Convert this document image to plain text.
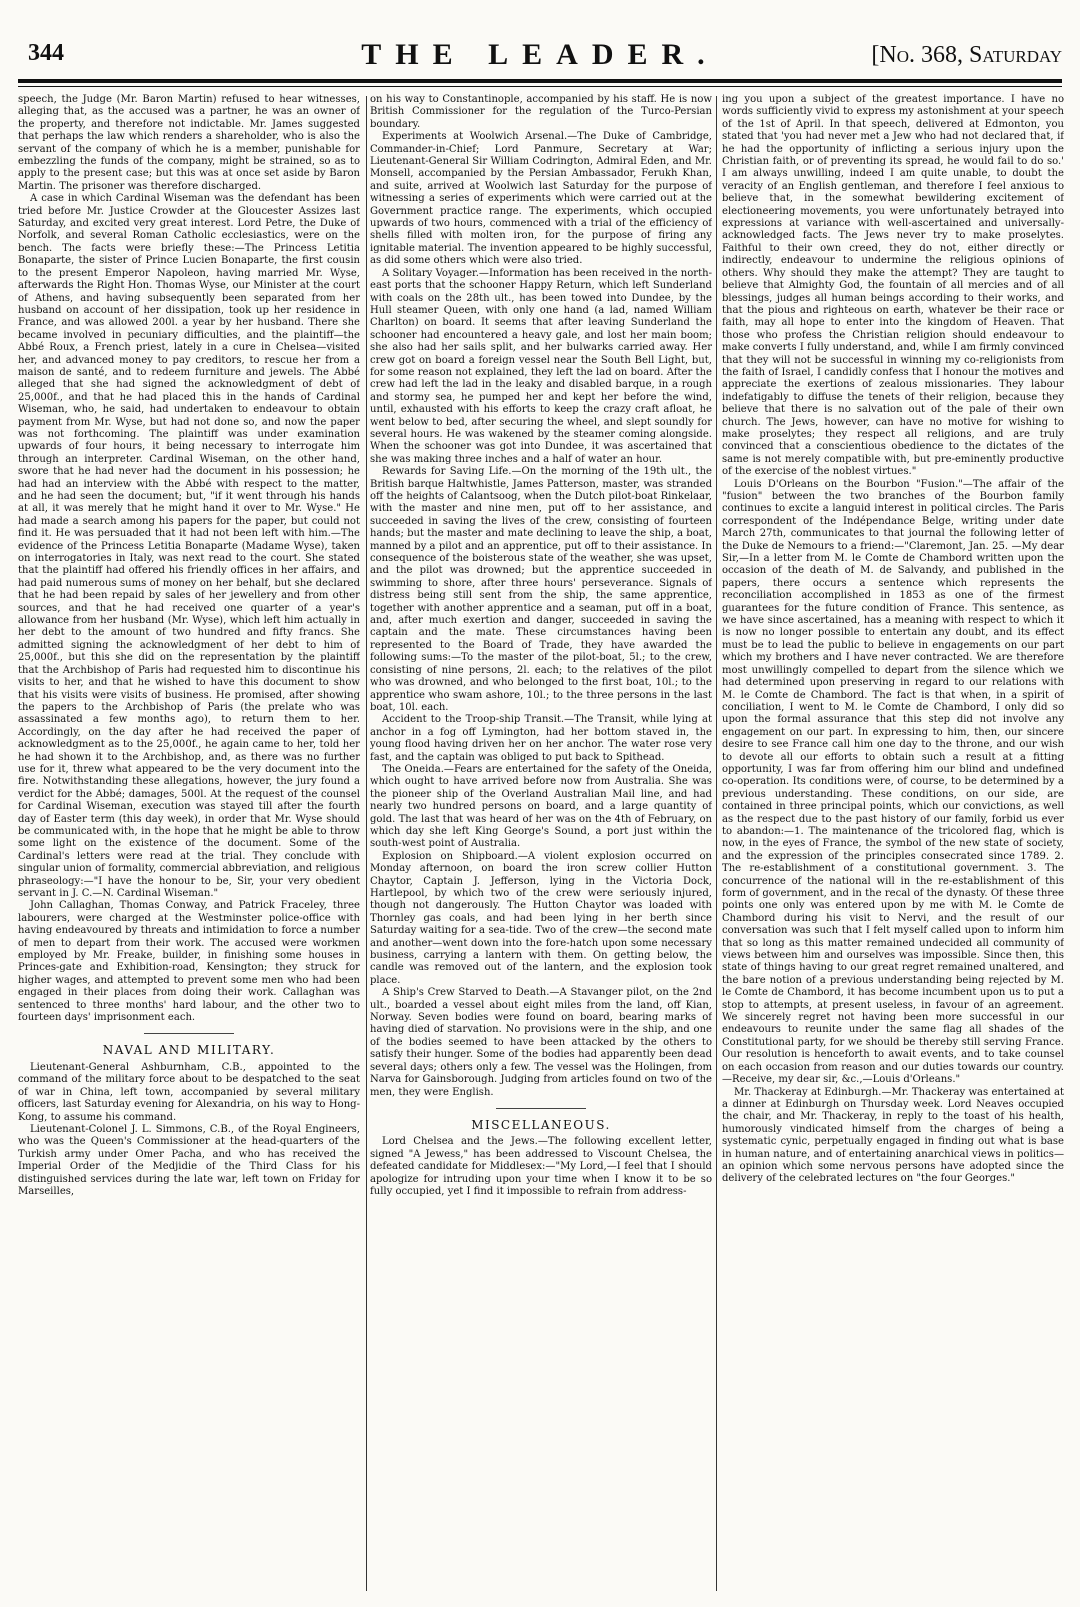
344	THE LEADER.	[No. 368, Saturday

speech, the Judge (Mr. Baron Martin) refused to hear witnesses, alleging that, as the accused was a partner, he was an owner of the property, and therefore not indictable. Mr. James suggested that perhaps the law which renders a shareholder, who is also the servant of the company of which he is a member, punishable for embezzling the funds of the company, might be strained, so as to apply to the present case; but this was at once set aside by Baron Martin. The prisoner was therefore discharged.

A case in which Cardinal Wiseman was the defendant has been tried before Mr. Justice Crowder at the Gloucester Assizes last Saturday, and excited very great interest. Lord Petre, the Duke of Norfolk, and several Roman Catholic ecclesiastics, were on the bench. The facts were briefly these:—The Princess Letitia Bonaparte, the sister of Prince Lucien Bonaparte, the first cousin to the present Emperor Napoleon, having married Mr. Wyse, afterwards the Right Hon. Thomas Wyse, our Minister at the court of Athens, and having subsequently been separated from her husband on account of her dissipation, took up her residence in France, and was allowed 200l. a year by her husband. There she became involved in pecuniary difficulties, and the plaintiff—the Abbé Roux, a French priest, lately in a cure in Chelsea—visited her, and advanced money to pay creditors, to rescue her from a maison de santé, and to redeem furniture and jewels. The Abbé alleged that she had signed the acknowledgment of debt of 25,000f., and that he had placed this in the hands of Cardinal Wiseman, who, he said, had undertaken to endeavour to obtain payment from Mr. Wyse, but had not done so, and now the paper was not forthcoming. The plaintiff was under examination upwards of four hours, it being necessary to interrogate him through an interpreter. Cardinal Wiseman, on the other hand, swore that he had never had the document in his possession; he had had an interview with the Abbé with respect to the matter, and he had seen the document; but, "if it went through his hands at all, it was merely that he might hand it over to Mr. Wyse." He had made a search among his papers for the paper, but could not find it. He was persuaded that it had not been left with him.—The evidence of the Princess Letitia Bonaparte (Madame Wyse), taken on interrogatories in Italy, was next read to the court. She stated that the plaintiff had offered his friendly offices in her affairs, and had paid numerous sums of money on her behalf, but she declared that he had been repaid by sales of her jewellery and from other sources, and that he had received one quarter of a year's allowance from her husband (Mr. Wyse), which left him actually in her debt to the amount of two hundred and fifty francs. She admitted signing the acknowledgment of her debt to him of 25,000f., but this she did on the representation by the plaintiff that the Archbishop of Paris had requested him to discontinue his visits to her, and that he wished to have this document to show that his visits were visits of business. He promised, after showing the papers to the Archbishop of Paris (the prelate who was assassinated a few months ago), to return them to her. Accordingly, on the day after he had received the paper of acknowledgment as to the 25,000f., he again came to her, told her he had shown it to the Archbishop, and, as there was no further use for it, threw what appeared to be the very document into the fire. Notwithstanding these allegations, however, the jury found a verdict for the Abbé; damages, 500l. At the request of the counsel for Cardinal Wiseman, execution was stayed till after the fourth day of Easter term (this day week), in order that Mr. Wyse should be communicated with, in the hope that he might be able to throw some light on the existence of the document. Some of the Cardinal's letters were read at the trial. They conclude with singular union of formality, commercial abbreviation, and religious phraseology:—"I have the honour to be, Sir, your very obedient servant in J. C.—N. Cardinal Wiseman."

John Callaghan, Thomas Conway, and Patrick Fraceley, three labourers, were charged at the Westminster police-office with having endeavoured by threats and intimidation to force a number of men to depart from their work. The accused were workmen employed by Mr. Freake, builder, in finishing some houses in Princes-gate and Exhibition-road, Kensington; they struck for higher wages, and attempted to prevent some men who had been engaged in their places from doing their work. Callaghan was sentenced to three months' hard labour, and the other two to fourteen days' imprisonment each.

NAVAL AND MILITARY.

Lieutenant-General Ashburnham, C.B., appointed to the command of the military force about to be despatched to the seat of war in China, left town, accompanied by several military officers, last Saturday evening for Alexandria, on his way to Hong-Kong, to assume his command.

Lieutenant-Colonel J. L. Simmons, C.B., of the Royal Engineers, who was the Queen's Commissioner at the head-quarters of the Turkish army under Omer Pacha, and who has received the Imperial Order of the Medjidie of the Third Class for his distinguished services during the late war, left town on Friday for Marseilles,

on his way to Constantinople, accompanied by his staff. He is now British Commissioner for the regulation of the Turco-Persian boundary.

Experiments at Woolwich Arsenal.—The Duke of Cambridge, Commander-in-Chief; Lord Panmure, Secretary at War; Lieutenant-General Sir William Codrington, Admiral Eden, and Mr. Monsell, accompanied by the Persian Ambassador, Ferukh Khan, and suite, arrived at Woolwich last Saturday for the purpose of witnessing a series of experiments which were carried out at the Government practice range. The experiments, which occupied upwards of two hours, commenced with a trial of the efficiency of shells filled with molten iron, for the purpose of firing any ignitable material. The invention appeared to be highly successful, as did some others which were also tried.

A Solitary Voyager.—Information has been received in the north-east ports that the schooner Happy Return, which left Sunderland with coals on the 28th ult., has been towed into Dundee, by the Hull steamer Queen, with only one hand (a lad, named William Charlton) on board. It seems that after leaving Sunderland the schooner had encountered a heavy gale, and lost her main boom; she also had her sails split, and her bulwarks carried away. Her crew got on board a foreign vessel near the South Bell Light, but, for some reason not explained, they left the lad on board. After the crew had left the lad in the leaky and disabled barque, in a rough and stormy sea, he pumped her and kept her before the wind, until, exhausted with his efforts to keep the crazy craft afloat, he went below to bed, after securing the wheel, and slept soundly for several hours. He was wakened by the steamer coming alongside. When the schooner was got into Dundee, it was ascertained that she was making three inches and a half of water an hour.

Rewards for Saving Life.—On the morning of the 19th ult., the British barque Haltwhistle, James Patterson, master, was stranded off the heights of Calantsoog, when the Dutch pilot-boat Rinkelaar, with the master and nine men, put off to her assistance, and succeeded in saving the lives of the crew, consisting of fourteen hands; but the master and mate declining to leave the ship, a boat, manned by a pilot and an apprentice, put off to their assistance. In consequence of the boisterous state of the weather, she was upset, and the pilot was drowned; but the apprentice succeeded in swimming to shore, after three hours' perseverance. Signals of distress being still sent from the ship, the same apprentice, together with another apprentice and a seaman, put off in a boat, and, after much exertion and danger, succeeded in saving the captain and the mate. These circumstances having been represented to the Board of Trade, they have awarded the following sums:—To the master of the pilot-boat, 5l.; to the crew, consisting of nine persons, 2l. each; to the relatives of the pilot who was drowned, and who belonged to the first boat, 10l.; to the apprentice who swam ashore, 10l.; to the three persons in the last boat, 10l. each.

Accident to the Troop-ship Transit.—The Transit, while lying at anchor in a fog off Lymington, had her bottom staved in, the young flood having driven her on her anchor. The water rose very fast, and the captain was obliged to put back to Spithead.

The Oneida.—Fears are entertained for the safety of the Oneida, which ought to have arrived before now from Australia. She was the pioneer ship of the Overland Australian Mail line, and had nearly two hundred persons on board, and a large quantity of gold. The last that was heard of her was on the 4th of February, on which day she left King George's Sound, a port just within the south-west point of Australia.

Explosion on Shipboard.—A violent explosion occurred on Monday afternoon, on board the iron screw collier Hutton Chaytor, Captain J. Jefferson, lying in the Victoria Dock, Hartlepool, by which two of the crew were seriously injured, though not dangerously. The Hutton Chaytor was loaded with Thornley gas coals, and had been lying in her berth since Saturday waiting for a sea-tide. Two of the crew—the second mate and another—went down into the fore-hatch upon some necessary business, carrying a lantern with them. On getting below, the candle was removed out of the lantern, and the explosion took place.

A Ship's Crew Starved to Death.—A Stavanger pilot, on the 2nd ult., boarded a vessel about eight miles from the land, off Kian, Norway. Seven bodies were found on board, bearing marks of having died of starvation. No provisions were in the ship, and one of the bodies seemed to have been attacked by the others to satisfy their hunger. Some of the bodies had apparently been dead several days; others only a few. The vessel was the Holingen, from Narva for Gainsborough. Judging from articles found on two of the men, they were English.

MISCELLANEOUS.

Lord Chelsea and the Jews.—The following excellent letter, signed "A Jewess," has been addressed to Viscount Chelsea, the defeated candidate for Middlesex:—"My Lord,—I feel that I should apologize for intruding upon your time when I know it to be so fully occupied, yet I find it impossible to refrain from address-

ing you upon a subject of the greatest importance. I have no words sufficiently vivid to express my astonishment at your speech of the 1st of April. In that speech, delivered at Edmonton, you stated that 'you had never met a Jew who had not declared that, if he had the opportunity of inflicting a serious injury upon the Christian faith, or of preventing its spread, he would fail to do so.' I am always unwilling, indeed I am quite unable, to doubt the veracity of an English gentleman, and therefore I feel anxious to believe that, in the somewhat bewildering excitement of electioneering movements, you were unfortunately betrayed into expressions at variance with well-ascertained and universally-acknowledged facts. The Jews never try to make proselytes. Faithful to their own creed, they do not, either directly or indirectly, endeavour to undermine the religious opinions of others. Why should they make the attempt? They are taught to believe that Almighty God, the fountain of all mercies and of all blessings, judges all human beings according to their works, and that the pious and righteous on earth, whatever be their race or faith, may all hope to enter into the kingdom of Heaven. That those who profess the Christian religion should endeavour to make converts I fully understand, and, while I am firmly convinced that they will not be successful in winning my co-religionists from the faith of Israel, I candidly confess that I honour the motives and appreciate the exertions of zealous missionaries. They labour indefatigably to diffuse the tenets of their religion, because they believe that there is no salvation out of the pale of their own church. The Jews, however, can have no motive for wishing to make proselytes; they respect all religions, and are truly convinced that a conscientious obedience to the dictates of the same is not merely compatible with, but pre-eminently productive of the exercise of the noblest virtues."

Louis D'Orleans on the Bourbon "Fusion."—The affair of the "fusion" between the two branches of the Bourbon family continues to excite a languid interest in political circles. The Paris correspondent of the Indépendance Belge, writing under date March 27th, communicates to that journal the following letter of the Duke de Nemours to a friend:—"Claremont, Jan. 25. —My dear Sir,—In a letter from M. le Comte de Chambord written upon the occasion of the death of M. de Salvandy, and published in the papers, there occurs a sentence which represents the reconciliation accomplished in 1853 as one of the firmest guarantees for the future condition of France. This sentence, as we have since ascertained, has a meaning with respect to which it is now no longer possible to entertain any doubt, and its effect must be to lead the public to believe in engagements on our part which my brothers and I have never contracted. We are therefore most unwillingly compelled to depart from the silence which we had determined upon preserving in regard to our relations with M. le Comte de Chambord. The fact is that when, in a spirit of conciliation, I went to M. le Comte de Chambord, I only did so upon the formal assurance that this step did not involve any engagement on our part. In expressing to him, then, our sincere desire to see France call him one day to the throne, and our wish to devote all our efforts to obtain such a result at a fitting opportunity, I was far from offering him our blind and undefined co-operation. Its conditions were, of course, to be determined by a previous understanding. These conditions, on our side, are contained in three principal points, which our convictions, as well as the respect due to the past history of our family, forbid us ever to abandon:—1. The maintenance of the tricolored flag, which is now, in the eyes of France, the symbol of the new state of society, and the expression of the principles consecrated since 1789. 2. The re-establishment of a constitutional government. 3. The concurrence of the national will in the re-establishment of this form of government, and in the recal of the dynasty. Of these three points one only was entered upon by me with M. le Comte de Chambord during his visit to Nervi, and the result of our conversation was such that I felt myself called upon to inform him that so long as this matter remained undecided all community of views between him and ourselves was impossible. Since then, this state of things having to our great regret remained unaltered, and the bare notion of a previous understanding being rejected by M. le Comte de Chambord, it has become incumbent upon us to put a stop to attempts, at present useless, in favour of an agreement. We sincerely regret not having been more successful in our endeavours to reunite under the same flag all shades of the Constitutional party, for we should be thereby still serving France. Our resolution is henceforth to await events, and to take counsel on each occasion from reason and our duties towards our country.—Receive, my dear sir, &c.,—Louis d'Orleans."

Mr. Thackeray at Edinburgh.—Mr. Thackeray was entertained at a dinner at Edinburgh on Thursday week. Lord Neaves occupied the chair, and Mr. Thackeray, in reply to the toast of his health, humorously vindicated himself from the charges of being a systematic cynic, perpetually engaged in finding out what is base in human nature, and of entertaining anarchical views in politics—an opinion which some nervous persons have adopted since the delivery of the celebrated lectures on "the four Georges."
